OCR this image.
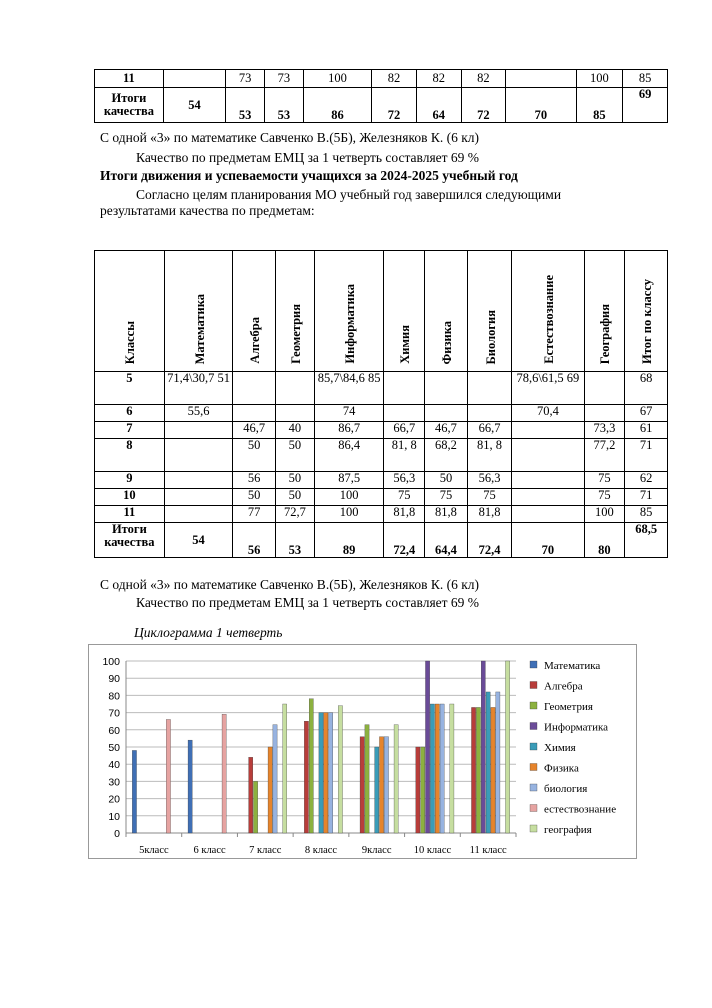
11		73	73	100	82	82	82		100	85
Итоги качества	54	53	53	86	72	64	72	70	85	69
С одной «3» по математике Савченко В.(5Б), Железняков К. (6 кл)
Качество по предметам ЕМЦ за 1 четверть составляет 69 %
Итоги движения и успеваемости учащихся за 2024-2025 учебный год
Согласно целям планирования МО учебный год завершился следующими
результатами качества по предметам:
Классы	Математика	Алгебра	Геометрия	Информатика	Химия	Физика	Биология	Естествознание	География	Итог по классу
5	71,4\30,7 51			85,7\84,6 85				78,6\61,5 69		68
6	55,6			74				70,4		67
7		46,7	40	86,7	66,7	46,7	66,7		73,3	61
8		50	50	86,4	81, 8	68,2	81, 8		77,2	71
9		56	50	87,5	56,3	50	56,3		75	62
10		50	50	100	75	75	75		75	71
11		77	72,7	100	81,8	81,8	81,8		100	85
Итоги качества	54	56	53	89	72,4	64,4	72,4	70	80	68,5
С одной «3» по математике Савченко В.(5Б), Железняков К. (6 кл)
Качество по предметам ЕМЦ за 1 четверть составляет 69 %
Циклограмма 1 четверть
0
10
20
30
40
50
60
70
80
90
100
5класс 6 класс 7 класс 8 класс 9класс 10 класс 11 класс
Математика
Алгебра
Геометрия
Информатика
Химия
Физика
биология
естествознание
география
